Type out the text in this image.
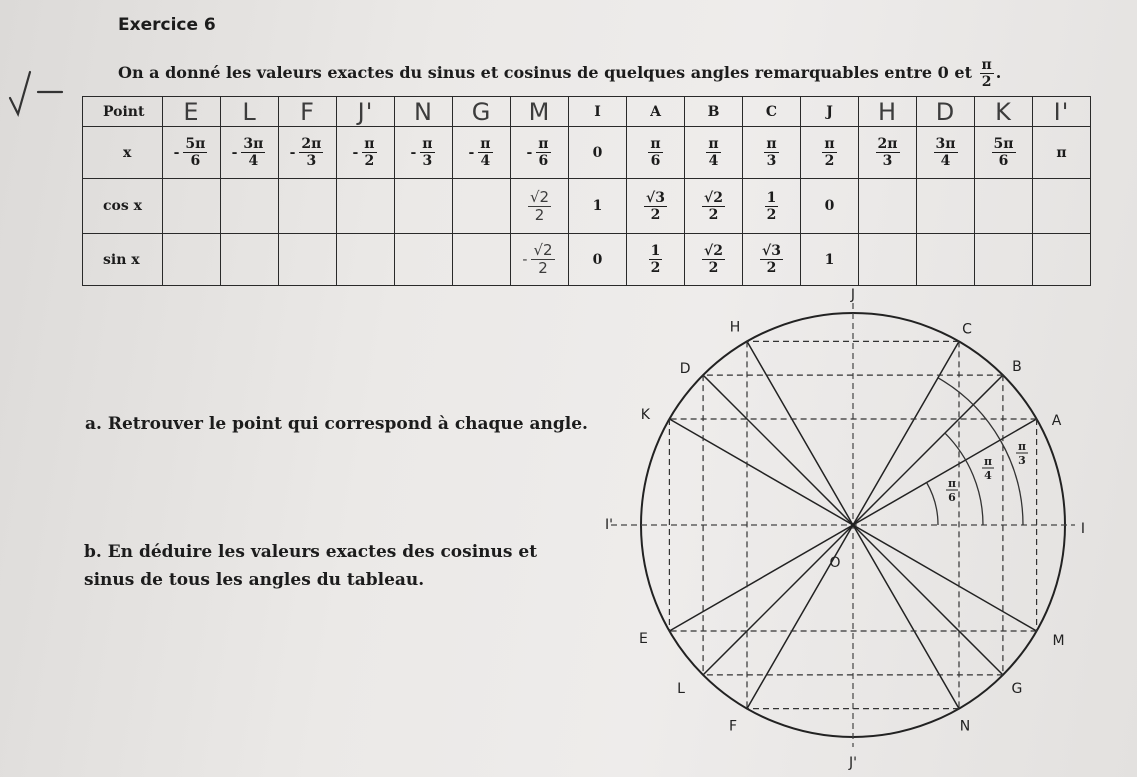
Exercice 6
On a donné les valeurs exactes du sinus et cosinus de quelques angles remarquables entre 0 et $\frac{\pi}{2}$ .
Point	E	L	F	J'	N	G	M	I	A	B	C	J	H	D	K	I'
x	- $\frac{5\pi}{6}$	- $\frac{3\pi}{4}$	- $\frac{2\pi}{3}$	- $\frac{\pi}{2}$	- $\frac{\pi}{3}$	- $\frac{\pi}{4}$	- $\frac{\pi}{6}$	0	$\frac{\pi}{6}$	$\frac{\pi}{4}$	$\frac{\pi}{3}$	$\frac{\pi}{2}$	$\frac{2\pi}{3}$	$\frac{3\pi}{4}$	$\frac{5\pi}{6}$	π
cos x							$\frac{√2}{2}$	1	$\frac{√3}{2}$	$\frac{√2}{2}$	$\frac{1}{2}$	0				
sin x							- $\frac{√2}{2}$	0	$\frac{1}{2}$	$\frac{√2}{2}$	$\frac{√3}{2}$	1				
a. Retrouver le point qui correspond à chaque angle.
b. En déduire les valeurs exactes des cosinus et
sinus de tous les angles du tableau.
A
B
C
J
H
D
K
I'
E
L
F
J'
N
G
M
I
O
π
6
π
4
π
3
